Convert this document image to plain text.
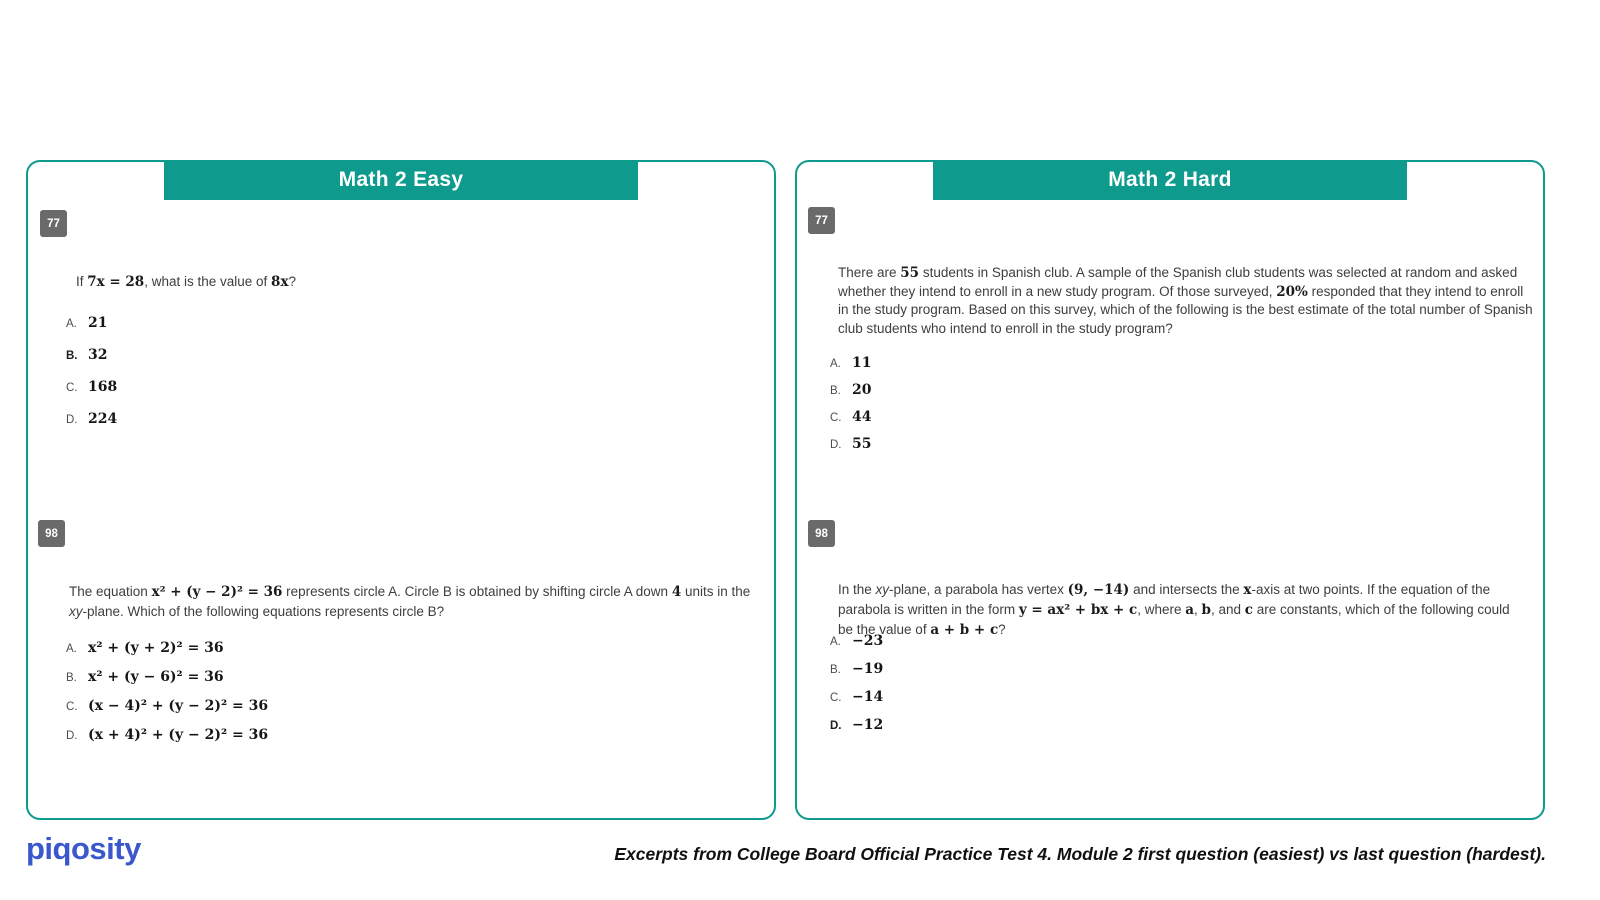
Math 2 Easy
77
If 7x = 28, what is the value of 8x?
A. 21
B. 32
C. 168
D. 224
98
The equation x² + (y − 2)² = 36 represents circle A. Circle B is obtained by shifting circle A down 4 units in the xy-plane. Which of the following equations represents circle B?
A. x² + (y + 2)² = 36
B. x² + (y − 6)² = 36
C. (x − 4)² + (y − 2)² = 36
D. (x + 4)² + (y − 2)² = 36
Math 2 Hard
77
There are 55 students in Spanish club. A sample of the Spanish club students was selected at random and asked whether they intend to enroll in a new study program. Of those surveyed, 20% responded that they intend to enroll in the study program. Based on this survey, which of the following is the best estimate of the total number of Spanish club students who intend to enroll in the study program?
A. 11
B. 20
C. 44
D. 55
98
In the xy-plane, a parabola has vertex (9, −14) and intersects the x-axis at two points. If the equation of the parabola is written in the form y = ax² + bx + c, where a, b, and c are constants, which of the following could be the value of a + b + c?
A. −23
B. −19
C. −14
D. −12
piqosity	Excerpts from College Board Official Practice Test 4. Module 2 first question (easiest) vs last question (hardest).
